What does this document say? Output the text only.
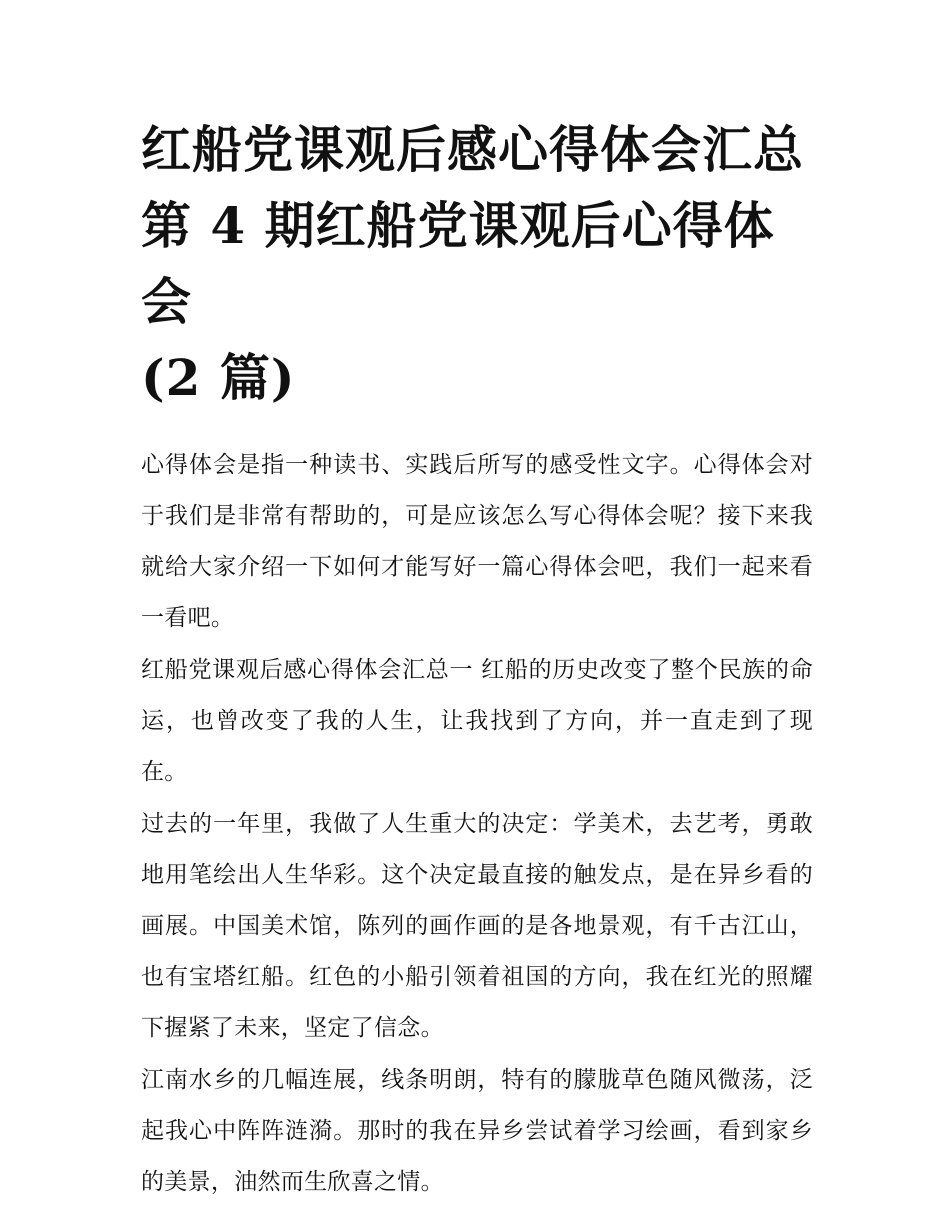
红船党课观后感心得体会汇总
第 4 期红船党课观后心得体会
(2 篇)

心得体会是指一种读书、实践后所写的感受性文字。心得体会对于我们是非常有帮助的，可是应该怎么写心得体会呢？接下来我就给大家介绍一下如何才能写好一篇心得体会吧，我们一起来看一看吧。

红船党课观后感心得体会汇总一 红船的历史改变了整个民族的命运，也曾改变了我的人生，让我找到了方向，并一直走到了现在。

过去的一年里，我做了人生重大的决定：学美术，去艺考，勇敢地用笔绘出人生华彩。这个决定最直接的触发点，是在异乡看的画展。中国美术馆，陈列的画作画的是各地景观，有千古江山，也有宝塔红船。红色的小船引领着祖国的方向，我在红光的照耀下握紧了未来，坚定了信念。

江南水乡的几幅连展，线条明朗，特有的朦胧草色随风微荡，泛起我心中阵阵涟漪。那时的我在异乡尝试着学习绘画，看到家乡的美景，油然而生欣喜之情。
